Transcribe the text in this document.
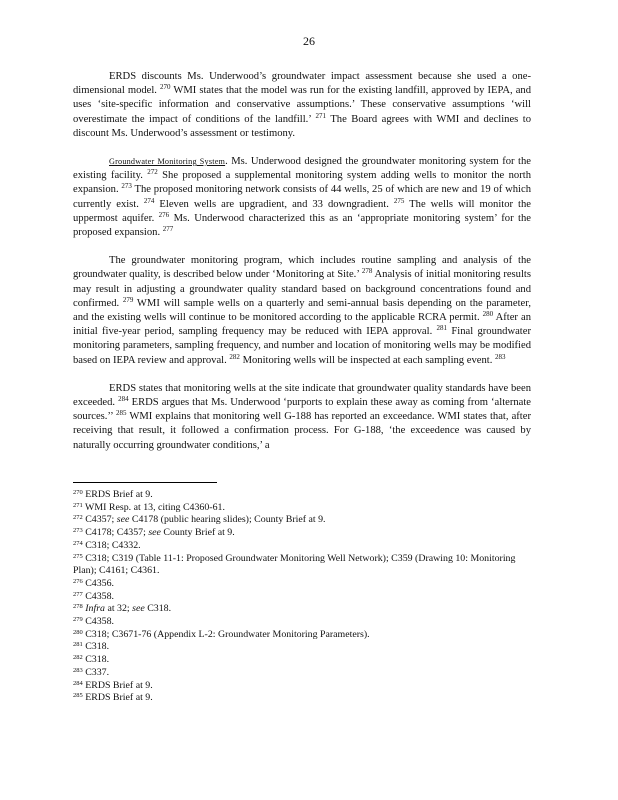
26

ERDS discounts Ms. Underwood’s groundwater impact assessment because she used a one-dimensional model. $^{270}$ WMI states that the model was run for the existing landfill, approved by IEPA, and uses ‘site-specific information and conservative assumptions.’ These conservative assumptions ‘will overestimate the impact of conditions of the landfill.’ $^{271}$ The Board agrees with WMI and declines to discount Ms. Underwood’s assessment or testimony.

Groundwater Monitoring System. Ms. Underwood designed the groundwater monitoring system for the existing facility. $^{272}$ She proposed a supplemental monitoring system adding wells to monitor the north expansion. $^{273}$ The proposed monitoring network consists of 44 wells, 25 of which are new and 19 of which currently exist. $^{274}$ Eleven wells are upgradient, and 33 downgradient. $^{275}$ The wells will monitor the uppermost aquifer. $^{276}$ Ms. Underwood characterized this as an ‘appropriate monitoring system’ for the proposed expansion. $^{277}$

The groundwater monitoring program, which includes routine sampling and analysis of the groundwater quality, is described below under ‘Monitoring at Site.’ $^{278}$ Analysis of initial monitoring results may result in adjusting a groundwater quality standard based on background concentrations found and confirmed. $^{279}$ WMI will sample wells on a quarterly and semi-annual basis depending on the parameter, and the existing wells will continue to be monitored according to the applicable RCRA permit. $^{280}$ After an initial five-year period, sampling frequency may be reduced with IEPA approval. $^{281}$ Final groundwater monitoring parameters, sampling frequency, and number and location of monitoring wells may be modified based on IEPA review and approval. $^{282}$ Monitoring wells will be inspected at each sampling event. $^{283}$

ERDS states that monitoring wells at the site indicate that groundwater quality standards have been exceeded. $^{284}$ ERDS argues that Ms. Underwood ‘purports to explain these away as coming from ‘alternate sources.’’ $^{285}$ WMI explains that monitoring well G-188 has reported an exceedance. WMI states that, after receiving that result, it followed a confirmation process. For G-188, ‘the exceedence was caused by naturally occurring groundwater conditions,’ a

$^{270}$ ERDS Brief at 9.

$^{271}$ WMI Resp. at 13, citing C4360-61.

$^{272}$ C4357; see C4178 (public hearing slides); County Brief at 9.

$^{273}$ C4178; C4357; see County Brief at 9.

$^{274}$ C318; C4332.

$^{275}$ C318; C319 (Table 11-1: Proposed Groundwater Monitoring Well Network); C359 (Drawing 10: Monitoring Plan); C4161; C4361.

$^{276}$ C4356.

$^{277}$ C4358.

$^{278}$ Infra at 32; see C318.

$^{279}$ C4358.

$^{280}$ C318; C3671-76 (Appendix L-2: Groundwater Monitoring Parameters).

$^{281}$ C318.

$^{282}$ C318.

$^{283}$ C337.

$^{284}$ ERDS Brief at 9.

$^{285}$ ERDS Brief at 9.
